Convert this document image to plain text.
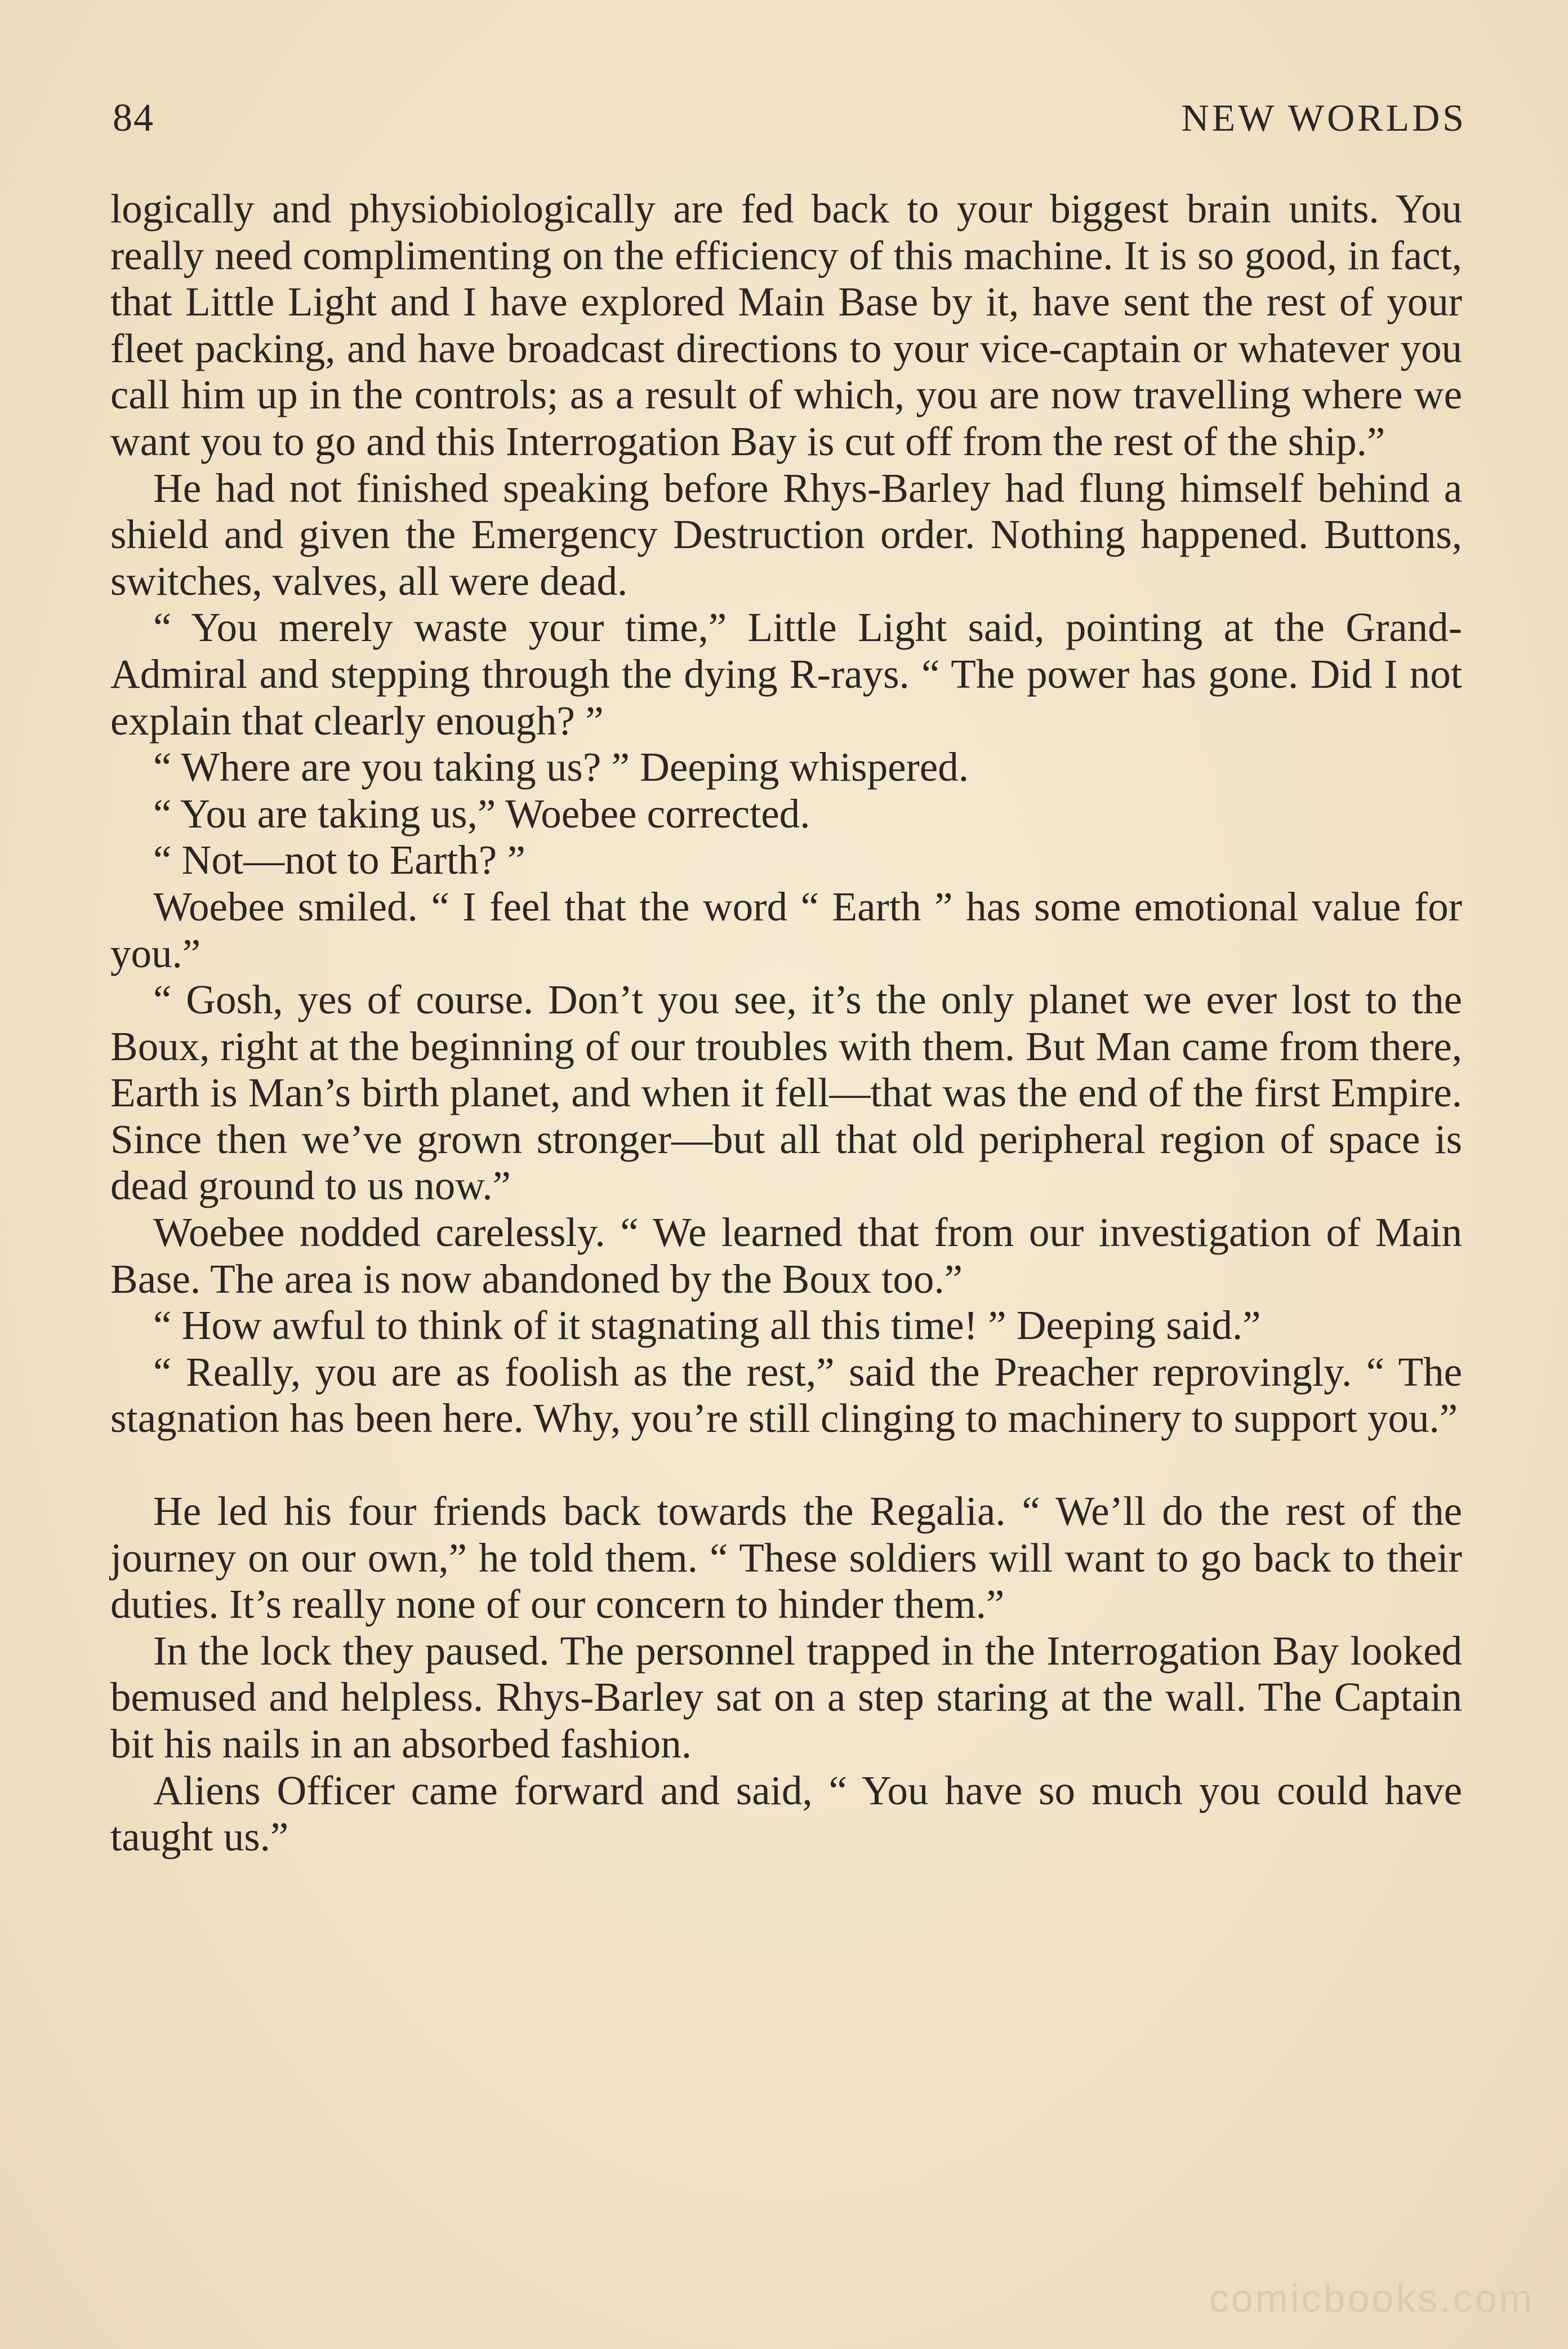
84	NEW WORLDS

logically and physiobiologically are fed back to your biggest brain units. You really need complimenting on the efficiency of this machine. It is so good, in fact, that Little Light and I have explored Main Base by it, have sent the rest of your fleet packing, and have broadcast directions to your vice-captain or whatever you call him up in the controls; as a result of which, you are now travelling where we want you to go and this Interrogation Bay is cut off from the rest of the ship.”

He had not finished speaking before Rhys-Barley had flung himself behind a shield and given the Emergency Destruction order. Nothing happened. Buttons, switches, valves, all were dead.

“ You merely waste your time,” Little Light said, pointing at the Grand-Admiral and stepping through the dying R-rays. “ The power has gone. Did I not explain that clearly enough? ”

“ Where are you taking us? ” Deeping whispered.

“ You are taking us,” Woebee corrected.

“ Not—not to Earth? ”

Woebee smiled. “ I feel that the word “ Earth ” has some emotional value for you.”

“ Gosh, yes of course. Don’t you see, it’s the only planet we ever lost to the Boux, right at the beginning of our troubles with them. But Man came from there, Earth is Man’s birth planet, and when it fell—that was the end of the first Empire. Since then we’ve grown stronger—but all that old peripheral region of space is dead ground to us now.”

Woebee nodded carelessly. “ We learned that from our investigation of Main Base. The area is now abandoned by the Boux too.”

“ How awful to think of it stagnating all this time! ” Deeping said.”

“ Really, you are as foolish as the rest,” said the Preacher reprovingly. “ The stagnation has been here. Why, you’re still clinging to machinery to support you.”

He led his four friends back towards the Regalia. “ We’ll do the rest of the journey on our own,” he told them. “ These soldiers will want to go back to their duties. It’s really none of our concern to hinder them.”

In the lock they paused. The personnel trapped in the Interrogation Bay looked bemused and helpless. Rhys-Barley sat on a step staring at the wall. The Captain bit his nails in an absorbed fashion.

Aliens Officer came forward and said, “ You have so much you could have taught us.”

comicbooks.com
